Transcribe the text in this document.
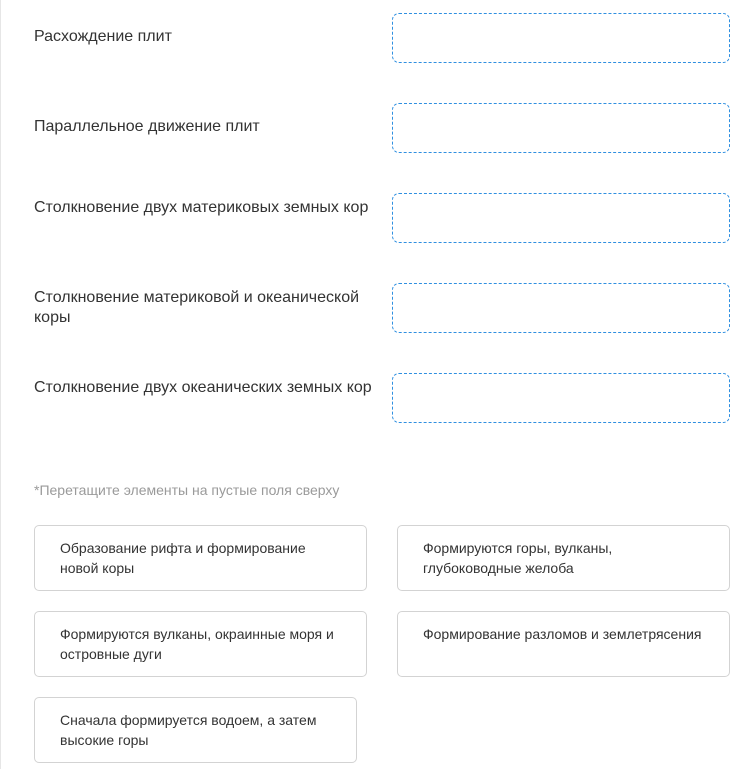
Расхождение плит
Параллельное движение плит
Столкновение двух материковых земных кор
Столкновение материковой и океанической коры
Столкновение двух океанических земных кор
*Перетащите элементы на пустые поля сверху
Образование рифта и формирование новой коры
Формируются горы, вулканы, глубоководные желоба
Формируются вулканы, окраинные моря и островные дуги
Формирование разломов и землетрясения
Сначала формируется водоем, а затем высокие горы
